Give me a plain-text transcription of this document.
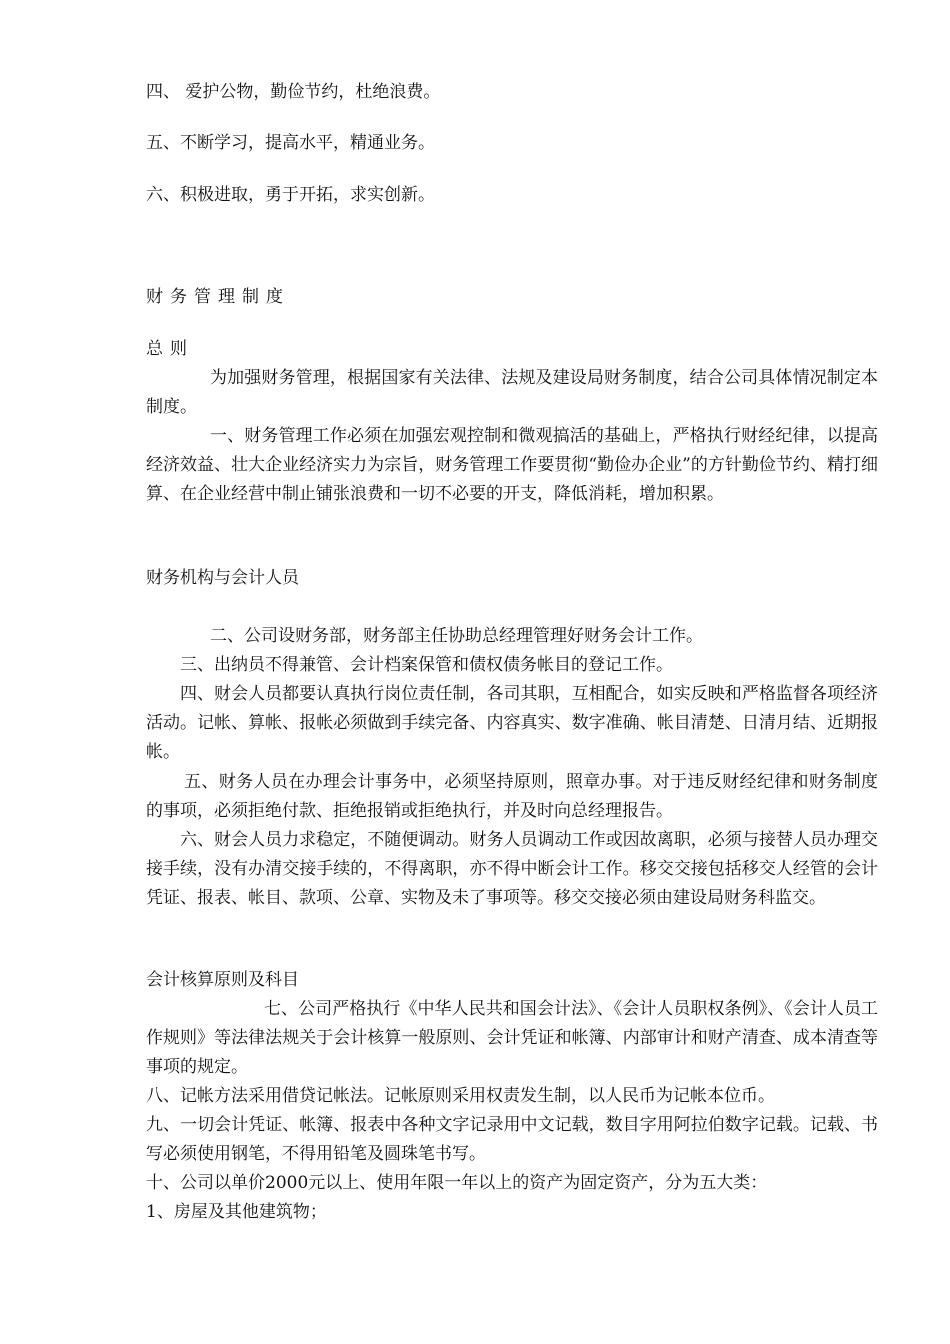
四、 爱护公物，勤俭节约，杜绝浪费。
五、不断学习，提高水平，精通业务。
六、积极进取，勇于开拓，求实创新。
财务管理制度
总则
为加强财务管理，根据国家有关法律、法规及建设局财务制度，结合公司具体情况制定本制度。
一、财务管理工作必须在加强宏观控制和微观搞活的基础上，严格执行财经纪律，以提高经济效益、壮大企业经济实力为宗旨，财务管理工作要贯彻“勤俭办企业”的方针勤俭节约、精打细算、在企业经营中制止铺张浪费和一切不必要的开支，降低消耗，增加积累。
财务机构与会计人员
二、公司设财务部，财务部主任协助总经理管理好财务会计工作。
三、出纳员不得兼管、会计档案保管和债权债务帐目的登记工作。
四、财会人员都要认真执行岗位责任制，各司其职，互相配合，如实反映和严格监督各项经济活动。记帐、算帐、报帐必须做到手续完备、内容真实、数字准确、帐目清楚、日清月结、近期报帐。
五、财务人员在办理会计事务中，必须坚持原则，照章办事。对于违反财经纪律和财务制度的事项，必须拒绝付款、拒绝报销或拒绝执行，并及时向总经理报告。
六、财会人员力求稳定，不随便调动。财务人员调动工作或因故离职，必须与接替人员办理交接手续，没有办清交接手续的，不得离职，亦不得中断会计工作。移交交接包括移交人经管的会计凭证、报表、帐目、款项、公章、实物及未了事项等。移交交接必须由建设局财务科监交。
会计核算原则及科目
七、公司严格执行《中华人民共和国会计法》、《会计人员职权条例》、《会计人员工作规则》等法律法规关于会计核算一般原则、会计凭证和帐簿、内部审计和财产清查、成本清查等事项的规定。
八、记帐方法采用借贷记帐法。记帐原则采用权责发生制，以人民币为记帐本位币。
九、一切会计凭证、帐簿、报表中各种文字记录用中文记载，数目字用阿拉伯数字记载。记载、书写必须使用钢笔，不得用铅笔及圆珠笔书写。
十、公司以单价2000元以上、使用年限一年以上的资产为固定资产，分为五大类：
1、房屋及其他建筑物；
